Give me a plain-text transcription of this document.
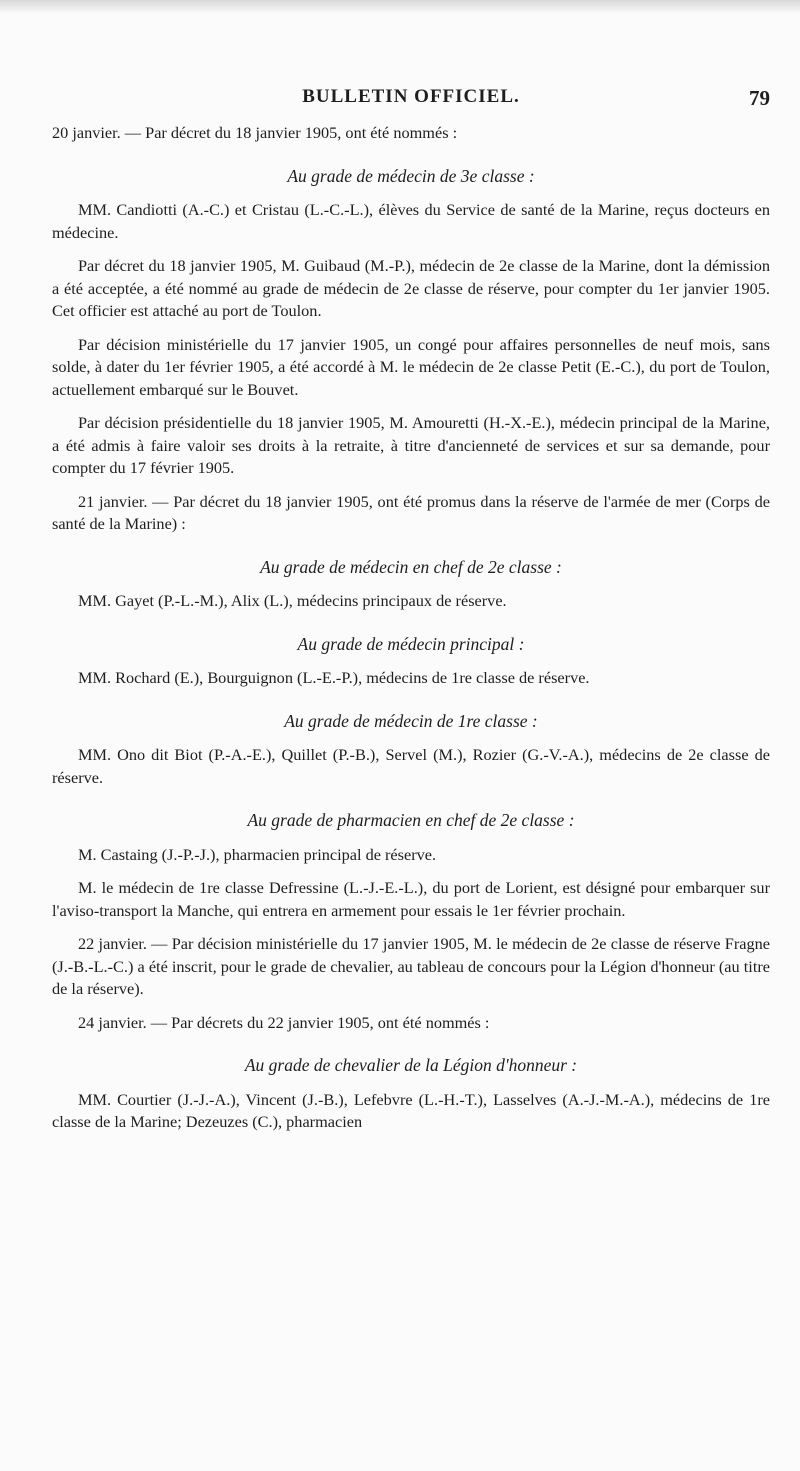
BULLETIN OFFICIEL.	79

20 janvier. — Par décret du 18 janvier 1905, ont été nommés :

Au grade de médecin de 3e classe :

MM. Candiotti (A.-C.) et Cristau (L.-C.-L.), élèves du Service de santé de la Marine, reçus docteurs en médecine.

Par décret du 18 janvier 1905, M. Guibaud (M.-P.), médecin de 2e classe de la Marine, dont la démission a été acceptée, a été nommé au grade de médecin de 2e classe de réserve, pour compter du 1er janvier 1905. Cet officier est attaché au port de Toulon.

Par décision ministérielle du 17 janvier 1905, un congé pour affaires personnelles de neuf mois, sans solde, à dater du 1er février 1905, a été accordé à M. le médecin de 2e classe Petit (E.-C.), du port de Toulon, actuellement embarqué sur le Bouvet.

Par décision présidentielle du 18 janvier 1905, M. Amouretti (H.-X.-E.), médecin principal de la Marine, a été admis à faire valoir ses droits à la retraite, à titre d'ancienneté de services et sur sa demande, pour compter du 17 février 1905.

21 janvier. — Par décret du 18 janvier 1905, ont été promus dans la réserve de l'armée de mer (Corps de santé de la Marine) :

Au grade de médecin en chef de 2e classe :

MM. Gayet (P.-L.-M.), Alix (L.), médecins principaux de réserve.

Au grade de médecin principal :

MM. Rochard (E.), Bourguignon (L.-E.-P.), médecins de 1re classe de réserve.

Au grade de médecin de 1re classe :

MM. Ono dit Biot (P.-A.-E.), Quillet (P.-B.), Servel (M.), Rozier (G.-V.-A.), médecins de 2e classe de réserve.

Au grade de pharmacien en chef de 2e classe :

M. Castaing (J.-P.-J.), pharmacien principal de réserve.

M. le médecin de 1re classe Defressine (L.-J.-E.-L.), du port de Lorient, est désigné pour embarquer sur l'aviso-transport la Manche, qui entrera en armement pour essais le 1er février prochain.

22 janvier. — Par décision ministérielle du 17 janvier 1905, M. le médecin de 2e classe de réserve Fragne (J.-B.-L.-C.) a été inscrit, pour le grade de chevalier, au tableau de concours pour la Légion d'honneur (au titre de la réserve).

24 janvier. — Par décrets du 22 janvier 1905, ont été nommés :

Au grade de chevalier de la Légion d'honneur :

MM. Courtier (J.-J.-A.), Vincent (J.-B.), Lefebvre (L.-H.-T.), Lasselves (A.-J.-M.-A.), médecins de 1re classe de la Marine; Dezeuzes (C.), pharmacien
